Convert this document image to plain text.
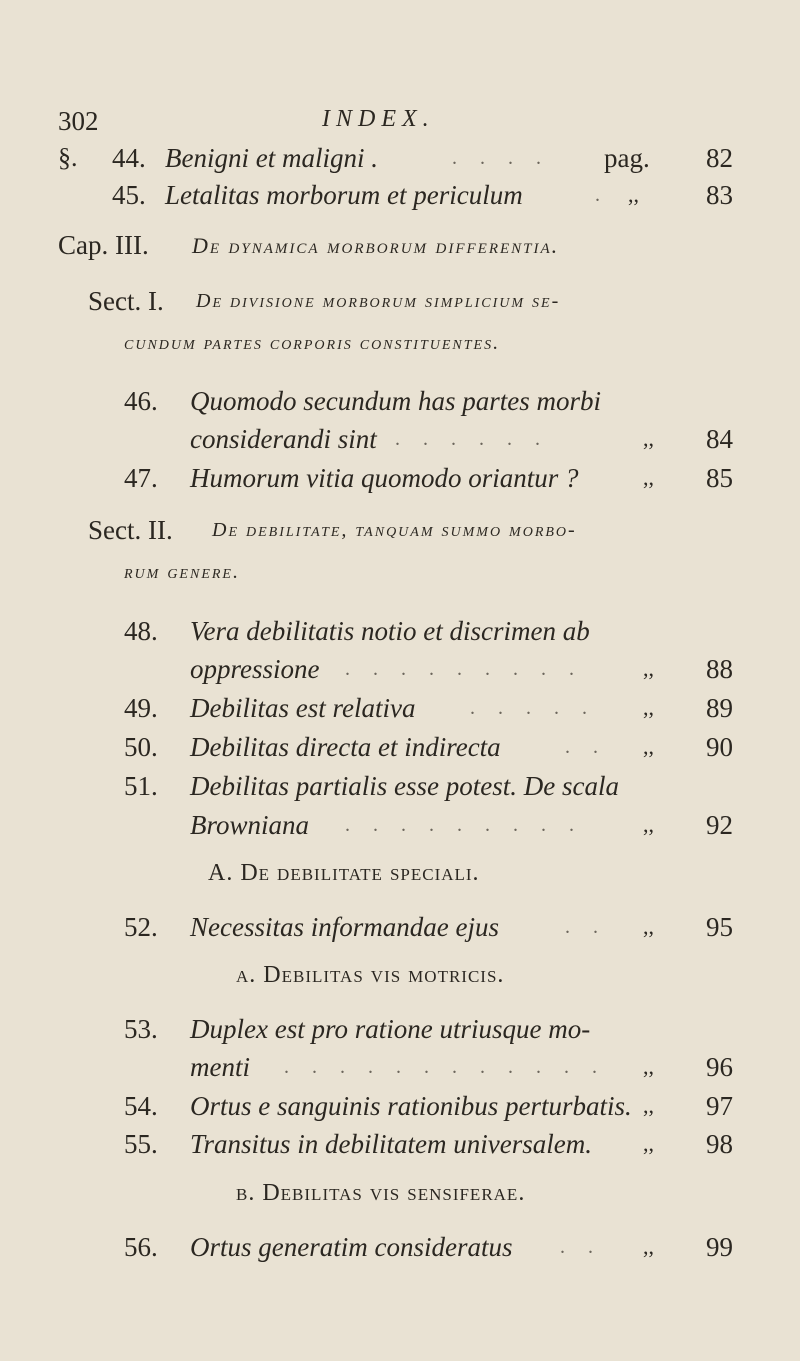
302	INDEX.
§. 44. Benigni et maligni .	. . . . pag. 82
45. Letalitas morborum et periculum	. ,, 83
Cap. III. De dynamica morborum differentia.
Sect. I. De divisione morborum simplicium se-
cundum partes corporis constituentes.
46. Quomodo secundum has partes morbi
considerandi sint . . . . . .	,, 84
47. Humorum vitia quomodo oriantur ?	,, 85
Sect. II. De debilitate, tanquam summo morbo-
rum genere.
48. Vera debilitatis notio et discrimen ab
oppressione . . . . . . . . .	,, 88
49. Debilitas est relativa	. . . . . ,, 89
50. Debilitas directa et indirecta	. . ,, 90
51. Debilitas partialis esse potest. De scala
Browniana . . . . . . . . .	,, 92
A. De debilitate speciali.
52. Necessitas informandae ejus	. . ,, 95
a. Debilitas vis motricis.
53. Duplex est pro ratione utriusque mo-
menti . . . . . . . . . . . . ,, 96
54. Ortus e sanguinis rationibus perturbatis. ,, 97
55. Transitus in debilitatem universalem. ,, 98
b. Debilitas vis sensiferae.
56. Ortus generatim consideratus . . ,, 99
